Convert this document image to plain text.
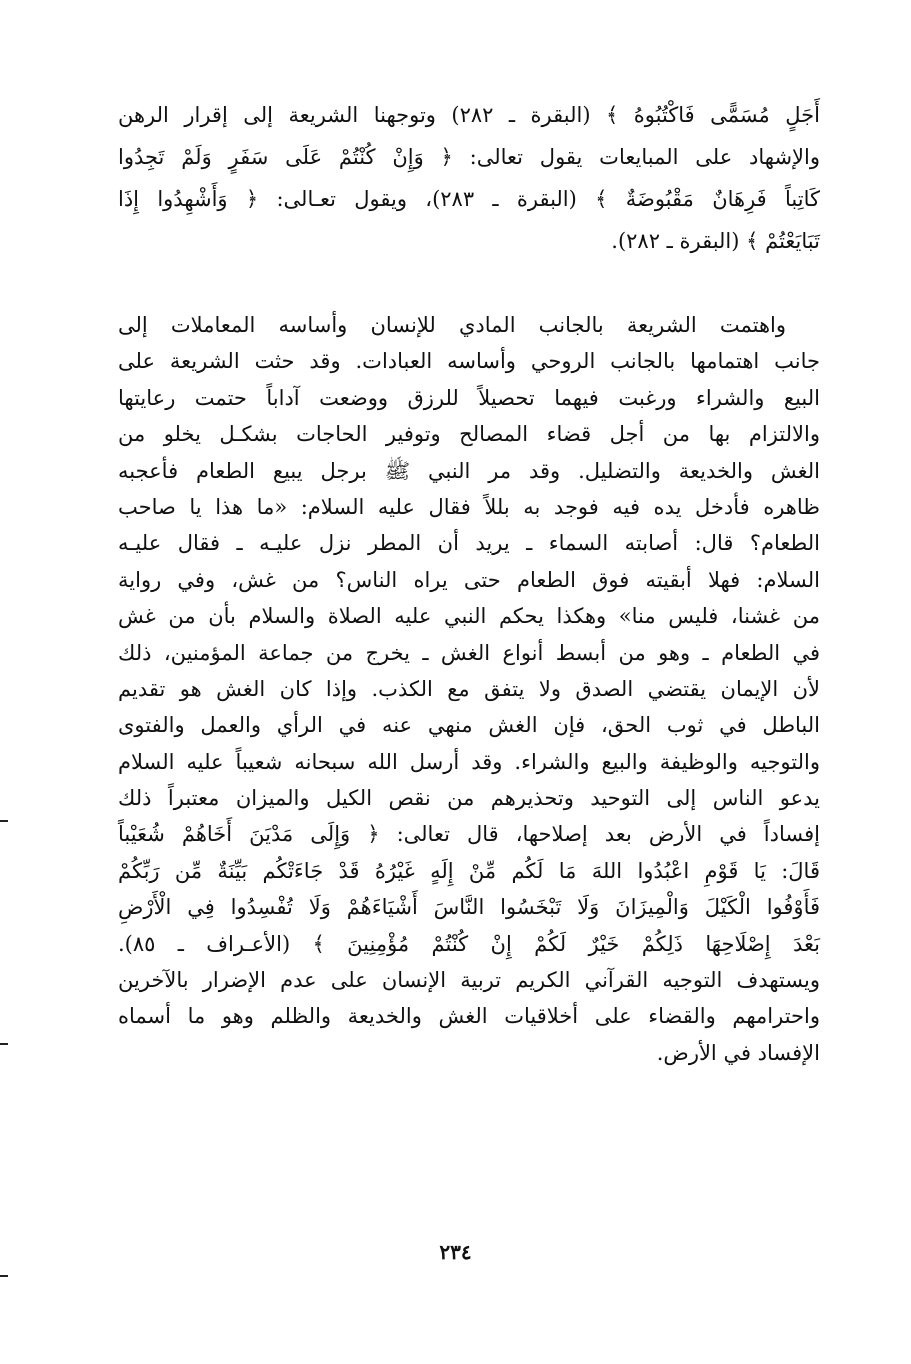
أَجَلٍ مُسَمًّى فَاكْتُبُوهُ ﴾ (البقرة ـ ٢٨٢) وتوجهنا الشريعة إلى إقرار الرهن
والإشهاد على المبايعات يقول تعالى: ﴿ وَإِنْ كُنْتُمْ عَلَى سَفَرٍ وَلَمْ تَجِدُوا
كَاتِباً فَرِهَانٌ مَقْبُوضَةٌ ﴾ (البقرة ـ ٢٨٣)، ويقول تعـالى: ﴿ وَأَشْهِدُوا إِذَا
تَبَايَعْتُمْ ﴾ (البقرة ـ ٢٨٢).
واهتمت الشريعة بالجانب المادي للإنسان وأساسه المعاملات إلى
جانب اهتمامها بالجانب الروحي وأساسه العبادات. وقد حثت الشريعة على
البيع والشراء ورغبت فيهما تحصيلاً للرزق ووضعت آداباً حتمت رعايتها
والالتزام بها من أجل قضاء المصالح وتوفير الحاجات بشكـل يخلو من
الغش والخديعة والتضليل. وقد مر النبي ﷺ برجل يبيع الطعام فأعجبه
ظاهره فأدخل يده فيه فوجد به بللاً فقال عليه السلام: «ما هذا يا صاحب
الطعام؟ قال: أصابته السماء ـ يريد أن المطر نزل عليـه ـ فقال عليـه
السلام: فهلا أبقيته فوق الطعام حتى يراه الناس؟ من غش، وفي رواية
من غشنا، فليس منا» وهكذا يحكم النبي عليه الصلاة والسلام بأن من غش
في الطعام ـ وهو من أبسط أنواع الغش ـ يخرج من جماعة المؤمنين، ذلك
لأن الإيمان يقتضي الصدق ولا يتفق مع الكذب. وإذا كان الغش هو تقديم
الباطل في ثوب الحق، فإن الغش منهي عنه في الرأي والعمل والفتوى
والتوجيه والوظيفة والبيع والشراء. وقد أرسل الله سبحانه شعيباً عليه السلام
يدعو الناس إلى التوحيد وتحذيرهم من نقص الكيل والميزان معتبراً ذلك
إفساداً في الأرض بعد إصلاحها، قال تعالى: ﴿ وَإِلَى مَدْيَنَ أَخَاهُمْ شُعَيْباً
قَالَ: يَا قَوْمِ اعْبُدُوا اللهَ مَا لَكُم مِّنْ إِلَهٍ غَيْرُهُ قَدْ جَاءَتْكُم بَيِّنَةٌ مِّن رَبِّكُمْ
فَأَوْفُوا الْكَيْلَ وَالْمِيزَانَ وَلَا تَبْخَسُوا النَّاسَ أَشْيَاءَهُمْ وَلَا تُفْسِدُوا فِي الْأَرْضِ
بَعْدَ إِصْلَاحِهَا ذَلِكُمْ خَيْرٌ لَكُمْ إِنْ كُنْتُمْ مُؤْمِنِينَ ﴾ (الأعـراف ـ ٨٥).
ويستهدف التوجيه القرآني الكريم تربية الإنسان على عدم الإضرار بالآخرين
واحترامهم والقضاء على أخلاقيات الغش والخديعة والظلم وهو ما أسماه
الإفساد في الأرض.
٢٣٤
